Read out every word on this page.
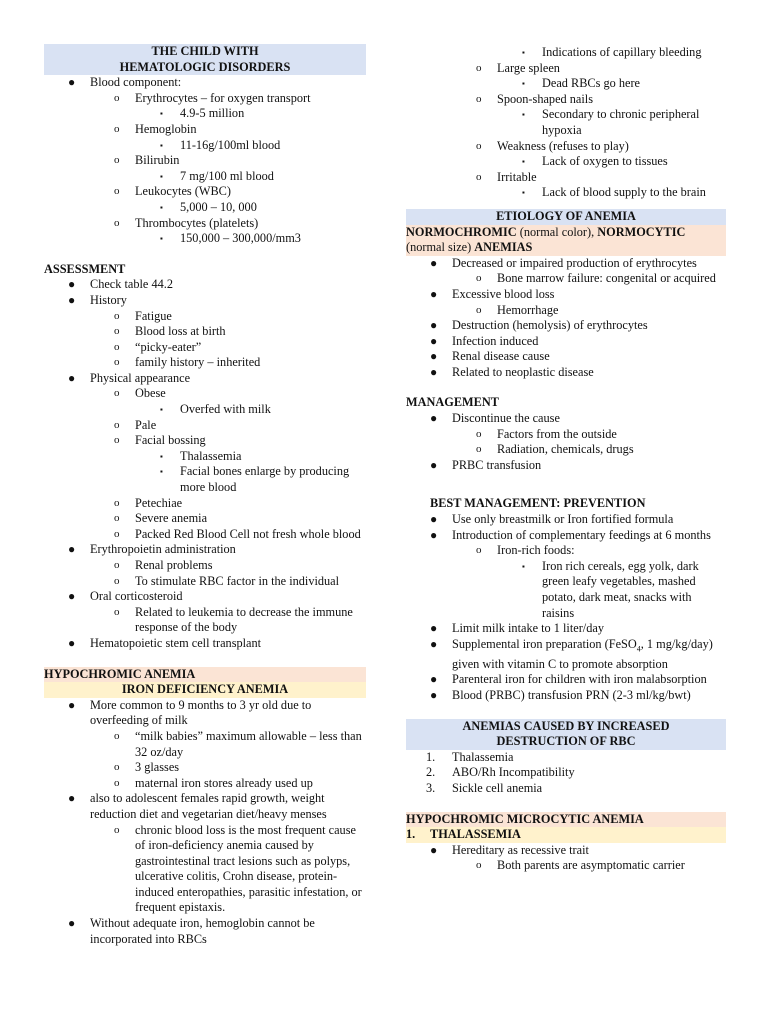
THE CHILD WITH
HEMATOLOGIC DISORDERS
● Blood component:
o Erythrocytes – for oxygen transport
▪ 4.9-5 million
o Hemoglobin
▪ 11-16g/100ml blood
o Bilirubin
▪ 7 mg/100 ml blood
o Leukocytes (WBC)
▪ 5,000 – 10, 000
o Thrombocytes (platelets)
▪ 150,000 – 300,000/mm3
ASSESSMENT
● Check table 44.2
● History
o Fatigue
o Blood loss at birth
o “picky-eater”
o family history – inherited
● Physical appearance
o Obese
▪ Overfed with milk
o Pale
o Facial bossing
▪ Thalassemia
▪ Facial bones enlarge by producing more blood
o Petechiae
o Severe anemia
o Packed Red Blood Cell not fresh whole blood
● Erythropoietin administration
o Renal problems
o To stimulate RBC factor in the individual
● Oral corticosteroid
o Related to leukemia to decrease the immune response of the body
● Hematopoietic stem cell transplant
HYPOCHROMIC ANEMIA
IRON DEFICIENCY ANEMIA
● More common to 9 months to 3 yr old due to overfeeding of milk
o “milk babies” maximum allowable – less than 32 oz/day
o 3 glasses
o maternal iron stores already used up
● also to adolescent females rapid growth, weight reduction diet and vegetarian diet/heavy menses
o chronic blood loss is the most frequent cause of iron-deficiency anemia caused by gastrointestinal tract lesions such as polyps, ulcerative colitis, Crohn disease, protein-induced enteropathies, parasitic infestation, or frequent epistaxis.
● Without adequate iron, hemoglobin cannot be incorporated into RBCs
▪ Indications of capillary bleeding
o Large spleen
▪ Dead RBCs go here
o Spoon-shaped nails
▪ Secondary to chronic peripheral hypoxia
o Weakness (refuses to play)
▪ Lack of oxygen to tissues
o Irritable
▪ Lack of blood supply to the brain
ETIOLOGY OF ANEMIA
NORMOCHROMIC (normal color), NORMOCYTIC
(normal size) ANEMIAS
● Decreased or impaired production of erythrocytes
o Bone marrow failure: congenital or acquired
● Excessive blood loss
o Hemorrhage
● Destruction (hemolysis) of erythrocytes
● Infection induced
● Renal disease cause
● Related to neoplastic disease
MANAGEMENT
● Discontinue the cause
o Factors from the outside
o Radiation, chemicals, drugs
● PRBC transfusion
BEST MANAGEMENT: PREVENTION
● Use only breastmilk or Iron fortified formula
● Introduction of complementary feedings at 6 months
o Iron-rich foods:
▪ Iron rich cereals, egg yolk, dark green leafy vegetables, mashed potato, dark meat, snacks with raisins
● Limit milk intake to 1 liter/day
● Supplemental iron preparation (FeSO$_4$, 1 mg/kg/day) given with vitamin C to promote absorption
● Parenteral iron for children with iron malabsorption
● Blood (PRBC) transfusion PRN (2-3 ml/kg/bwt)
ANEMIAS CAUSED BY INCREASED
DESTRUCTION OF RBC
1. Thalassemia
2. ABO/Rh Incompatibility
3. Sickle cell anemia
HYPOCHROMIC MICROCYTIC ANEMIA
1. THALASSEMIA
● Hereditary as recessive trait
o Both parents are asymptomatic carrier
